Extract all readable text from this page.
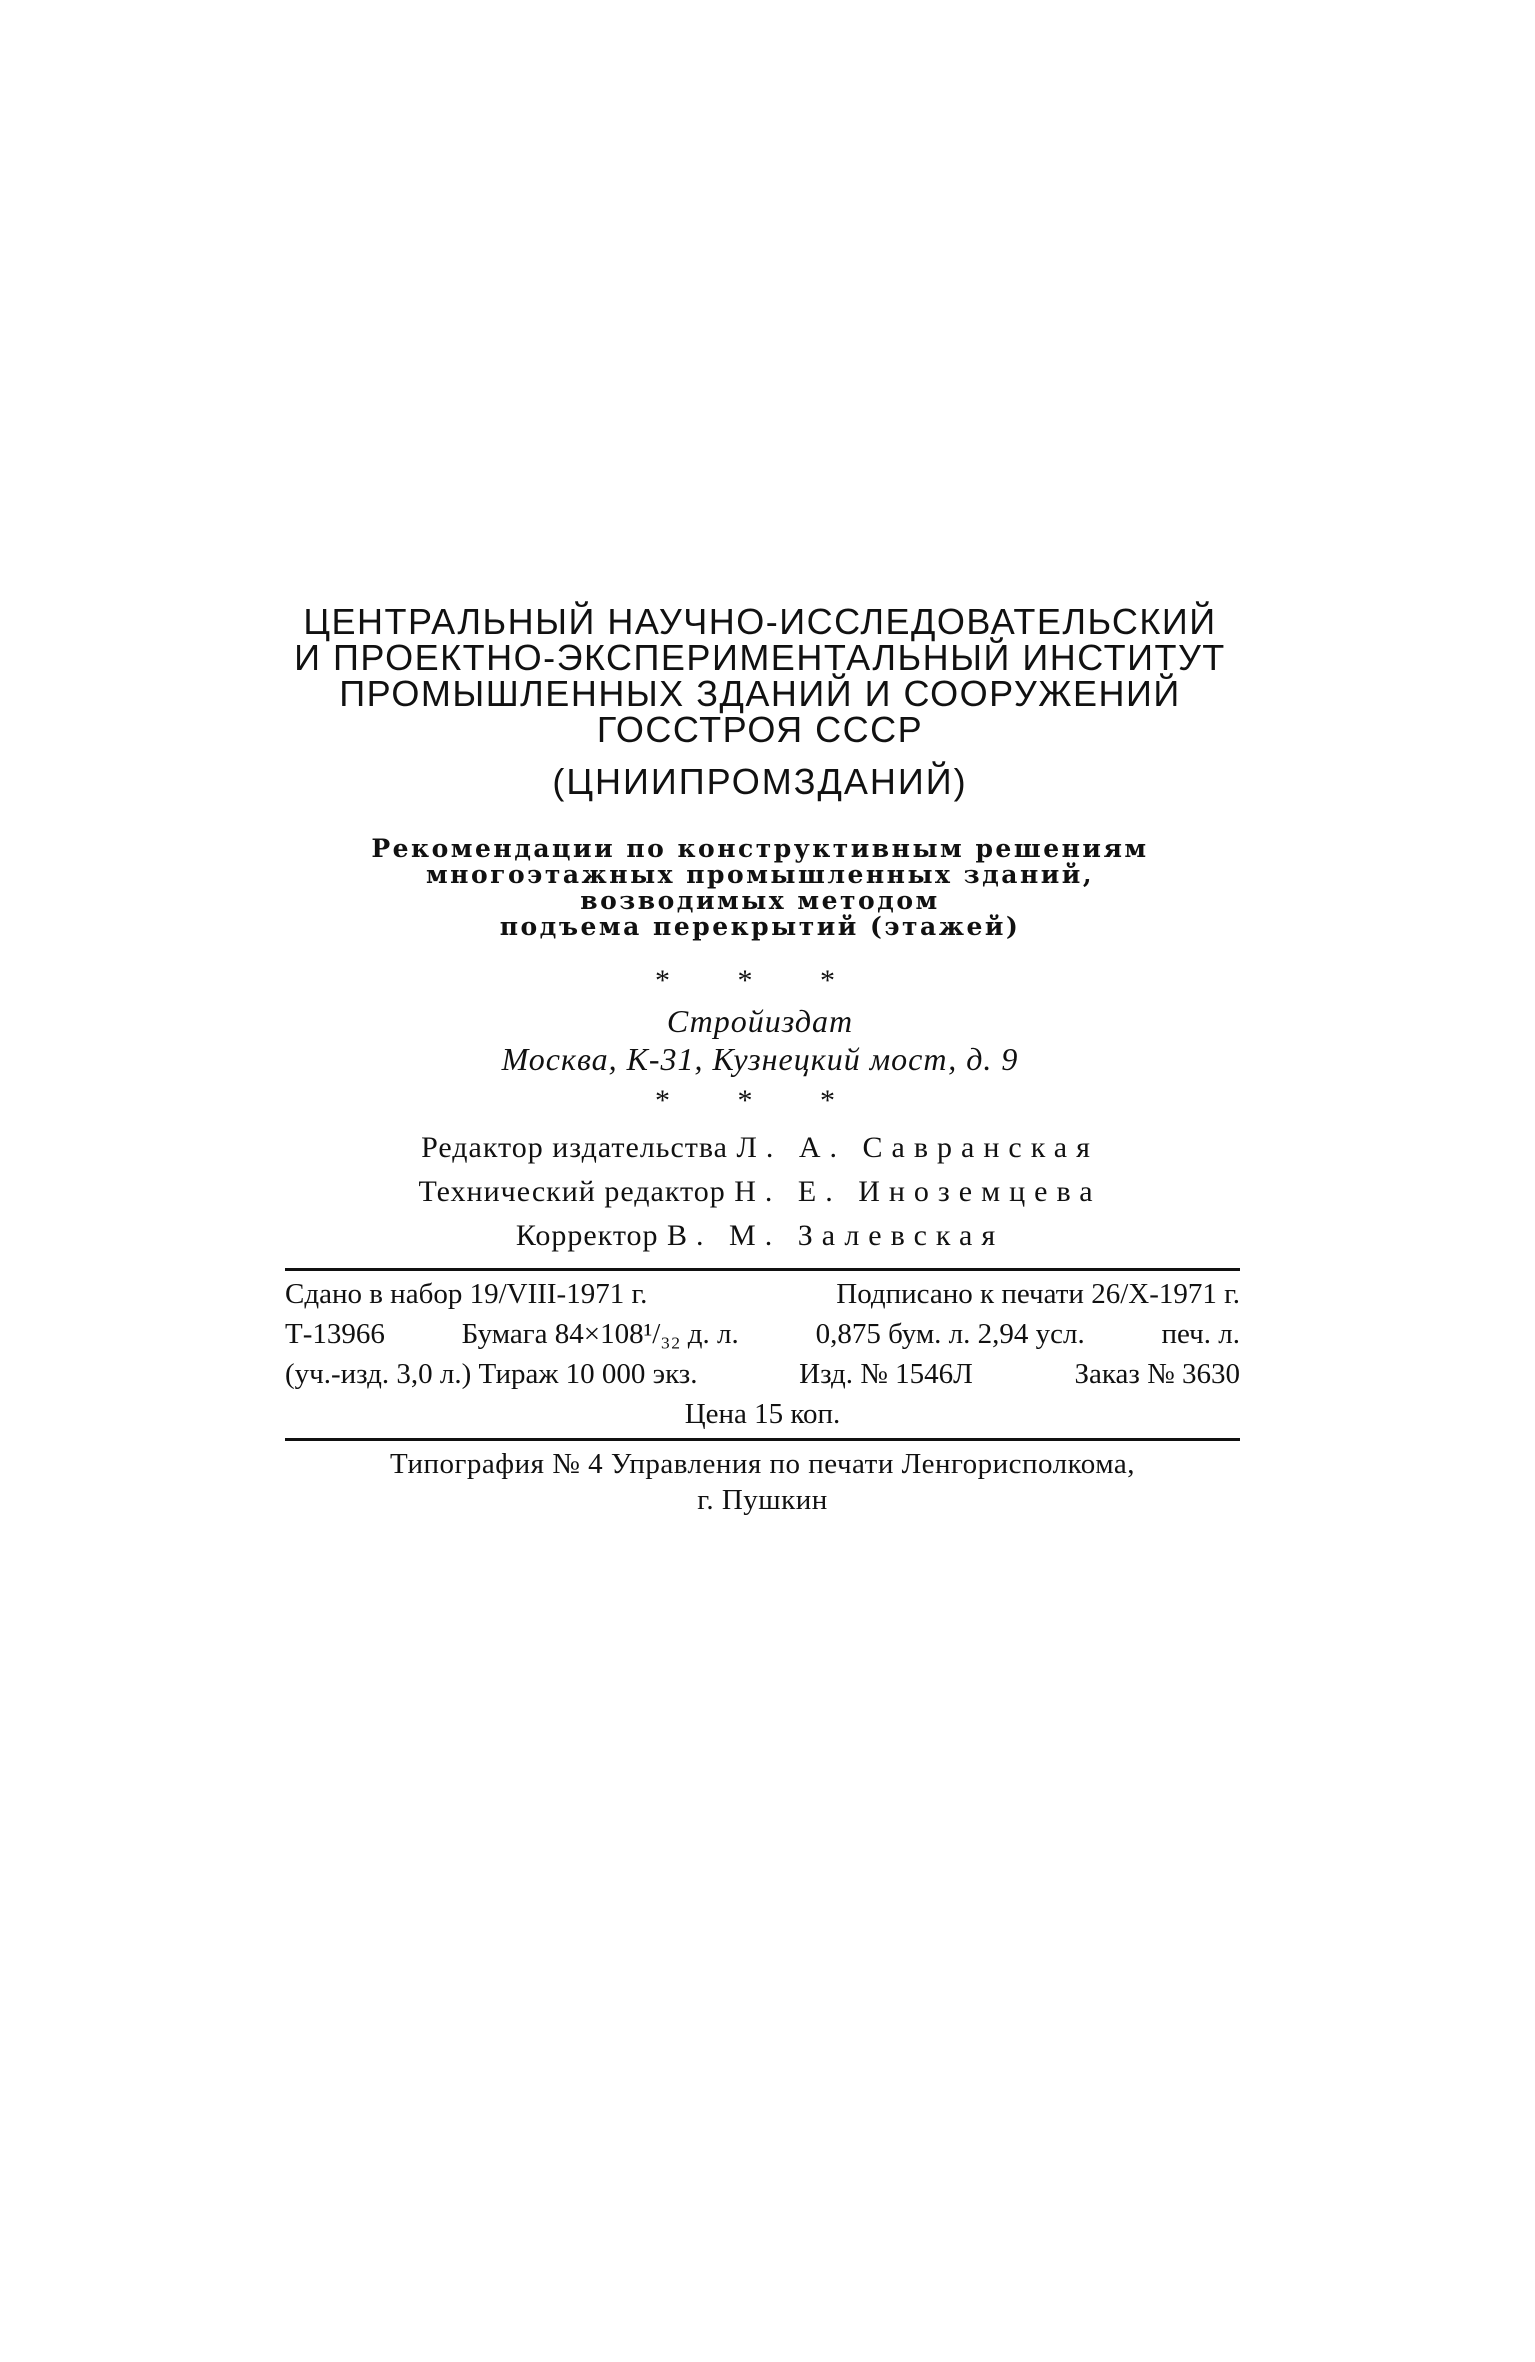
ЦЕНТРАЛЬНЫЙ НАУЧНО-ИССЛЕДОВАТЕЛЬСКИЙ
И ПРОЕКТНО-ЭКСПЕРИМЕНТАЛЬНЫЙ ИНСТИТУТ
ПРОМЫШЛЕННЫХ ЗДАНИЙ И СООРУЖЕНИЙ
ГОССТРОЯ СССР
(ЦНИИПРОМЗДАНИЙ)
Рекомендации по конструктивным решениям
многоэтажных промышленных зданий,
возводимых методом
подъема перекрытий (этажей)
* * *
Стройиздат
Москва, К-31, Кузнецкий мост, д. 9
* * *
Редактор издательства Л. А. Савранская
Технический редактор Н. Е. Иноземцева
Корректор В. М. Залевская
Сдано в набор 19/VIII-1971 г.	Подписано к печати 26/X-1971 г.
Т-13966	Бумага 84×108¹/₃₂ д. л.	0,875 бум. л. 2,94 усл.	печ. л.
(уч.-изд. 3,0 л.) Тираж 10 000 экз.	Изд. № 1546Л	Заказ № 3630
Цена 15 коп.
Типография № 4 Управления по печати Ленгорисполкома,
г. Пушкин
